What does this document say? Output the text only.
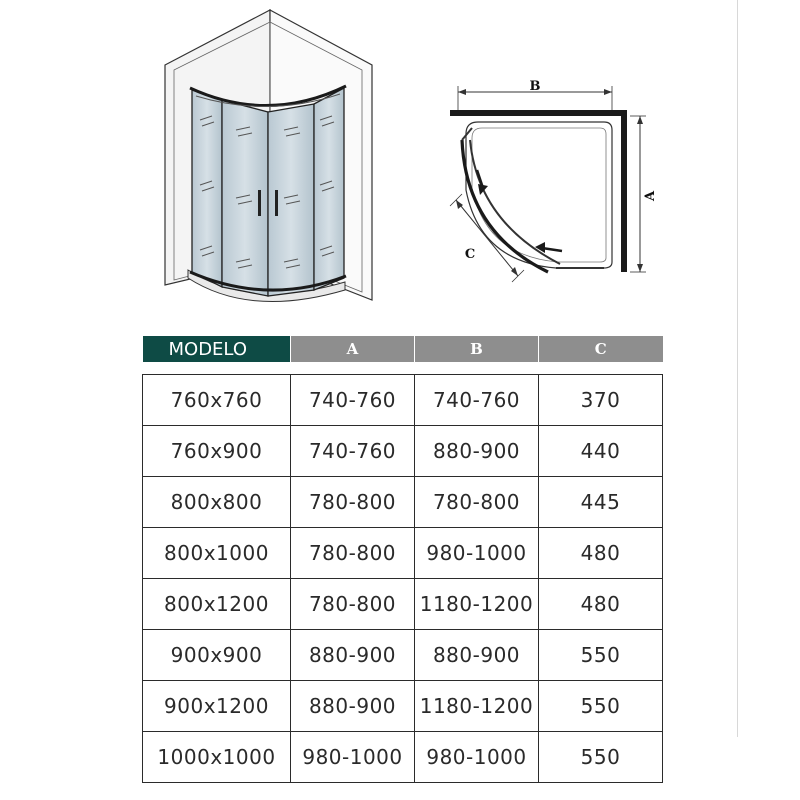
B
A
C
MODELO	A	B	C

760x760	740-760	740-760	370
760x900	740-760	880-900	440
800x800	780-800	780-800	445
800x1000	780-800	980-1000	480
800x1200	780-800	1180-1200	480
900x900	880-900	880-900	550
900x1200	880-900	1180-1200	550
1000x1000	980-1000	980-1000	550
